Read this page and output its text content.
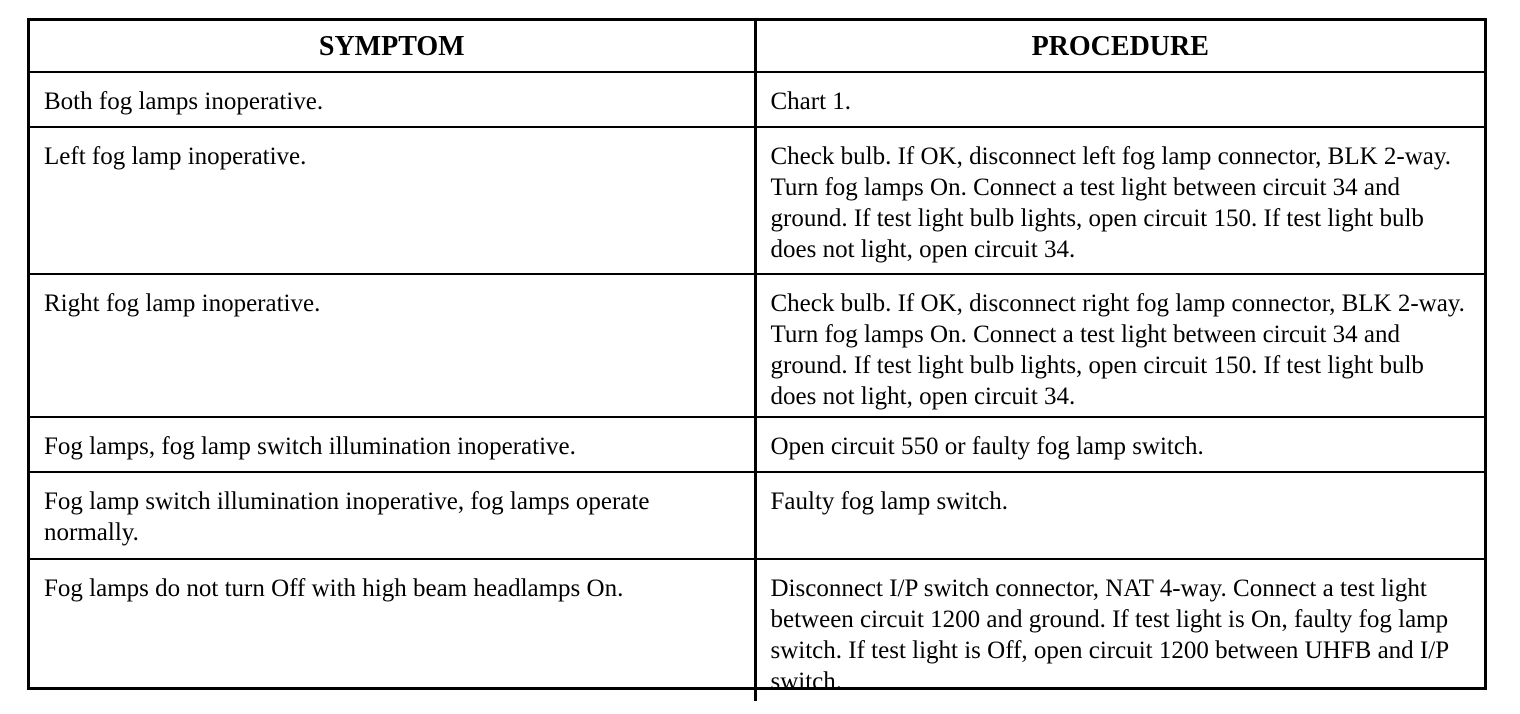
SYMPTOM	PROCEDURE
Both fog lamps inoperative.	Chart 1.
Left fog lamp inoperative.	Check bulb. If OK, disconnect left fog lamp connector, BLK 2-way. Turn fog lamps On. Connect a test light between circuit 34 and ground. If test light bulb lights, open circuit 150. If test light bulb does not light, open circuit 34.
Right fog lamp inoperative.	Check bulb. If OK, disconnect right fog lamp connector, BLK 2-way. Turn fog lamps On. Connect a test light between circuit 34 and ground. If test light bulb lights, open circuit 150. If test light bulb does not light, open circuit 34.
Fog lamps, fog lamp switch illumination inoperative.	Open circuit 550 or faulty fog lamp switch.
Fog lamp switch illumination inoperative, fog lamps operate normally.	Faulty fog lamp switch.
Fog lamps do not turn Off with high beam headlamps On.	Disconnect I/P switch connector, NAT 4-way. Connect a test light between circuit 1200 and ground. If test light is On, faulty fog lamp switch. If test light is Off, open circuit 1200 between UHFB and I/P switch.
